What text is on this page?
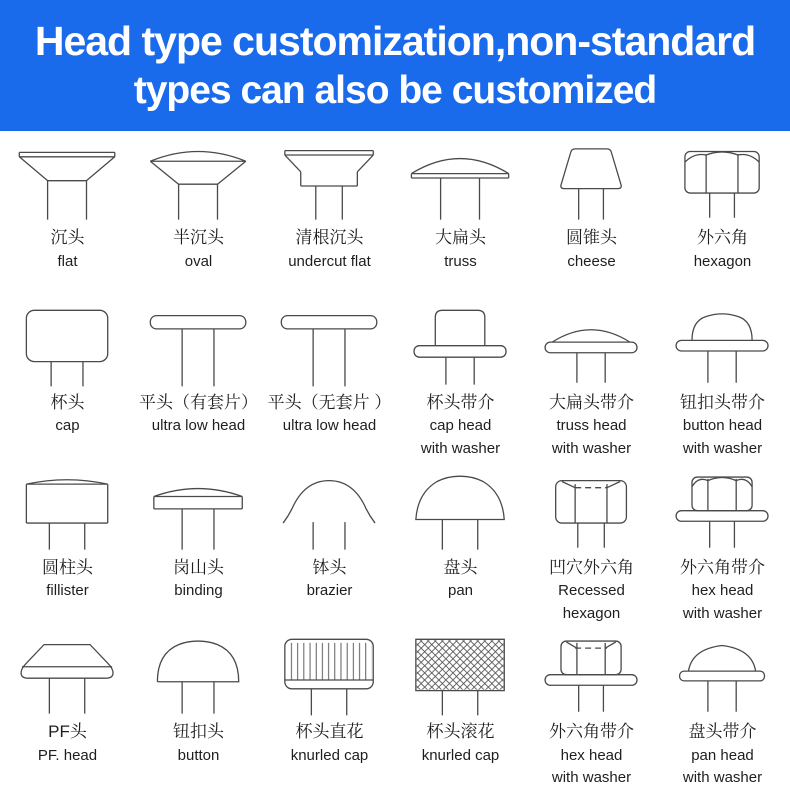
Head type customization,non-standard
types can also be customized
沉头
flat
半沉头
oval
清根沉头
undercut flat
大扁头
truss
圆锥头
cheese
外六角
hexagon
杯头
cap
平头（有套片）
ultra low head
平头（无套片 ）
ultra low head
杯头带介
cap head
with washer
大扁头带介
truss head
with washer
钮扣头带介
button head
with washer
圆柱头
fillister
岗山头
binding
钵头
brazier
盘头
pan
凹穴外六角
Recessed
hexagon
外六角带介
hex head
with washer
PF头
PF. head
钮扣头
button
杯头直花
knurled cap
杯头滚花
knurled cap
外六角带介
hex head
with washer
盘头带介
pan head
with washer
